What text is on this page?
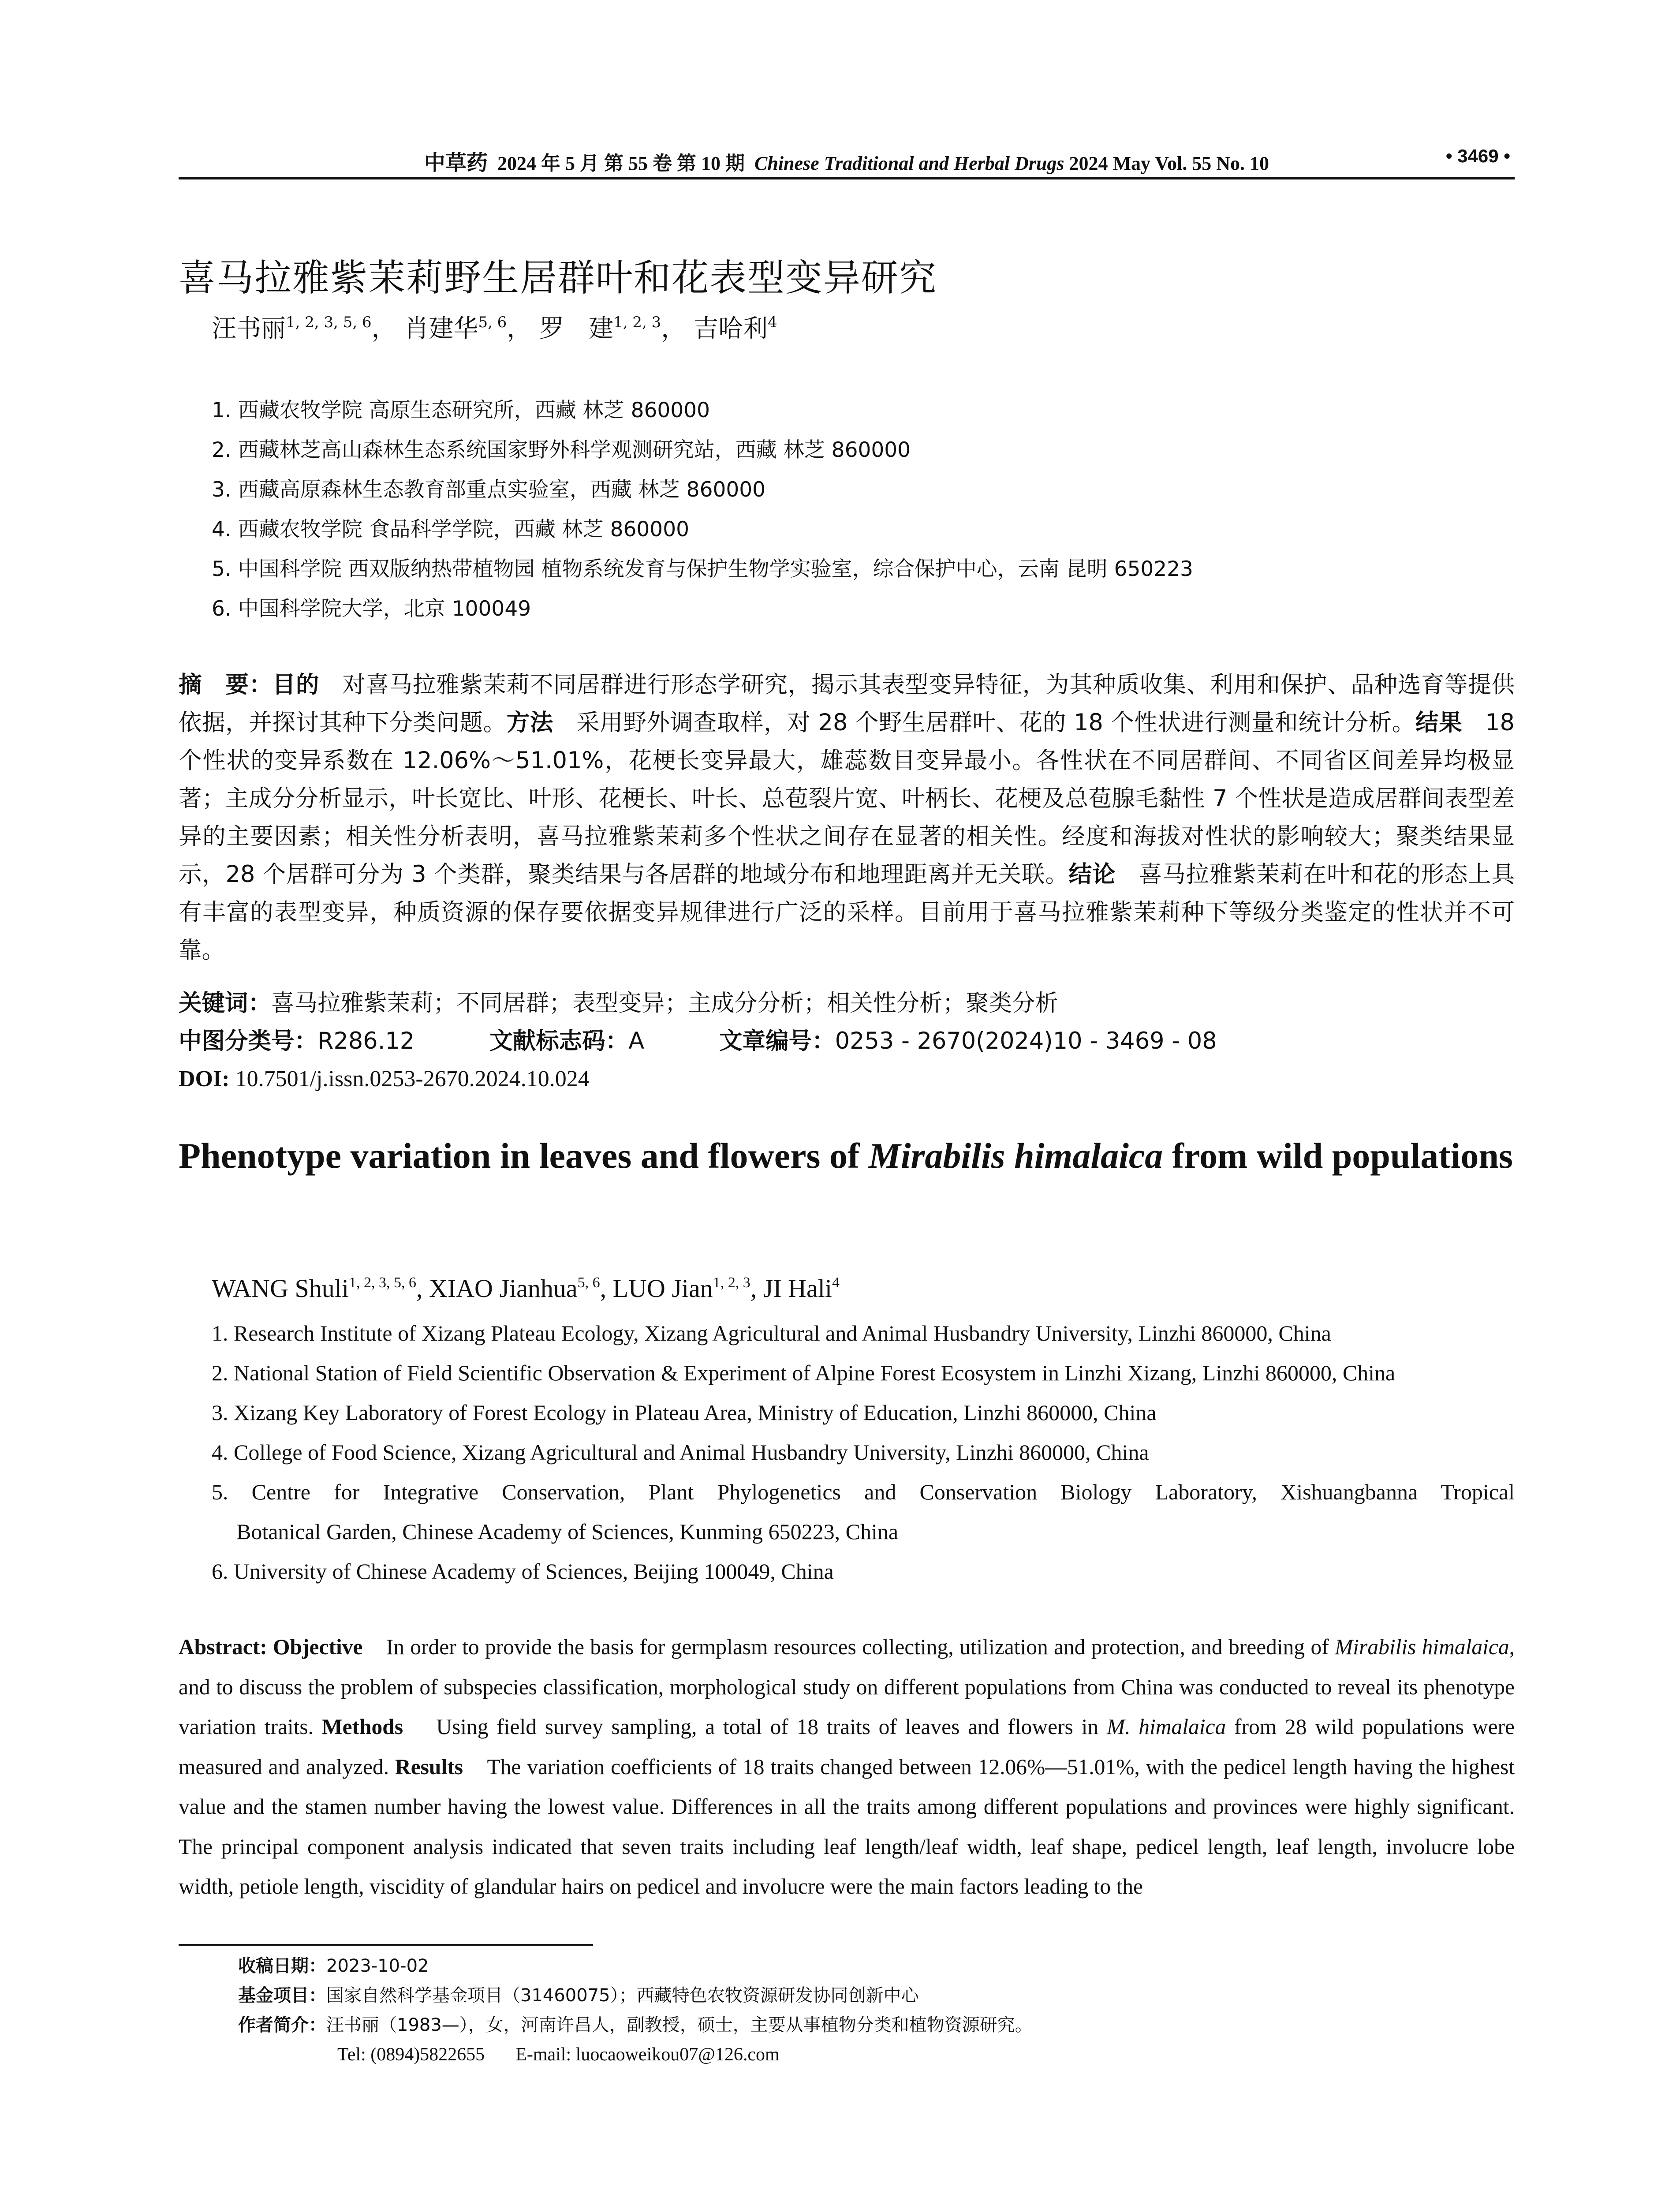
中草药 2024 年 5 月 第 55 卷 第 10 期 Chinese Traditional and Herbal Drugs 2024 May Vol. 55 No. 10	• 3469 •
喜马拉雅紫茉莉野生居群叶和花表型变异研究
汪书丽$^{1, 2, 3, 5, 6}$， 肖建华$^{5, 6}$， 罗　建$^{1, 2, 3}$， 吉哈利$^4$
1. 西藏农牧学院 高原生态研究所，西藏 林芝 860000
2. 西藏林芝高山森林生态系统国家野外科学观测研究站，西藏 林芝 860000
3. 西藏高原森林生态教育部重点实验室，西藏 林芝 860000
4. 西藏农牧学院 食品科学学院，西藏 林芝 860000
5. 中国科学院 西双版纳热带植物园 植物系统发育与保护生物学实验室，综合保护中心，云南 昆明 650223
6. 中国科学院大学，北京 100049
摘　要：目的 对喜马拉雅紫茉莉不同居群进行形态学研究，揭示其表型变异特征，为其种质收集、利用和保护、品种选育等提供依据，并探讨其种下分类问题。方法 采用野外调查取样，对 28 个野生居群叶、花的 18 个性状进行测量和统计分析。结果 18 个性状的变异系数在 12.06%～51.01%，花梗长变异最大，雄蕊数目变异最小。各性状在不同居群间、不同省区间差异均极显著；主成分分析显示，叶长宽比、叶形、花梗长、叶长、总苞裂片宽、叶柄长、花梗及总苞腺毛黏性 7 个性状是造成居群间表型差异的主要因素；相关性分析表明，喜马拉雅紫茉莉多个性状之间存在显著的相关性。经度和海拔对性状的影响较大；聚类结果显示，28 个居群可分为 3 个类群，聚类结果与各居群的地域分布和地理距离并无关联。结论 喜马拉雅紫茉莉在叶和花的形态上具有丰富的表型变异，种质资源的保存要依据变异规律进行广泛的采样。目前用于喜马拉雅紫茉莉种下等级分类鉴定的性状并不可靠。
关键词：喜马拉雅紫茉莉；不同居群；表型变异；主成分分析；相关性分析；聚类分析
中图分类号：R286.12	文献标志码：A	文章编号：0253 - 2670(2024)10 - 3469 - 08
DOI: 10.7501/j.issn.0253-2670.2024.10.024
Phenotype variation in leaves and flowers of Mirabilis himalaica from wild populations
WANG Shuli$^{1, 2, 3, 5, 6}$, XIAO Jianhua$^{5, 6}$, LUO Jian$^{1, 2, 3}$, JI Hali$^4$
1. Research Institute of Xizang Plateau Ecology, Xizang Agricultural and Animal Husbandry University, Linzhi 860000, China
2. National Station of Field Scientific Observation & Experiment of Alpine Forest Ecosystem in Linzhi Xizang, Linzhi 860000, China
3. Xizang Key Laboratory of Forest Ecology in Plateau Area, Ministry of Education, Linzhi 860000, China
4. College of Food Science, Xizang Agricultural and Animal Husbandry University, Linzhi 860000, China
5. Centre for Integrative Conservation, Plant Phylogenetics and Conservation Biology Laboratory, Xishuangbanna Tropical
Botanical Garden, Chinese Academy of Sciences, Kunming 650223, China
6. University of Chinese Academy of Sciences, Beijing 100049, China
Abstract: Objective In order to provide the basis for germplasm resources collecting, utilization and protection, and breeding of Mirabilis himalaica, and to discuss the problem of subspecies classification, morphological study on different populations from China was conducted to reveal its phenotype variation traits. Methods Using field survey sampling, a total of 18 traits of leaves and flowers in M. himalaica from 28 wild populations were measured and analyzed. Results The variation coefficients of 18 traits changed between 12.06%—51.01%, with the pedicel length having the highest value and the stamen number having the lowest value. Differences in all the traits among different populations and provinces were highly significant. The principal component analysis indicated that seven traits including leaf length/leaf width, leaf shape, pedicel length, leaf length, involucre lobe width, petiole length, viscidity of glandular hairs on pedicel and involucre were the main factors leading to the
收稿日期：2023-10-02
基金项目：国家自然科学基金项目（31460075）；西藏特色农牧资源研发协同创新中心
作者简介：汪书丽（1983—），女，河南许昌人，副教授，硕士，主要从事植物分类和植物资源研究。
Tel: (0894)5822655 E-mail: luocaoweikou07@126.com
